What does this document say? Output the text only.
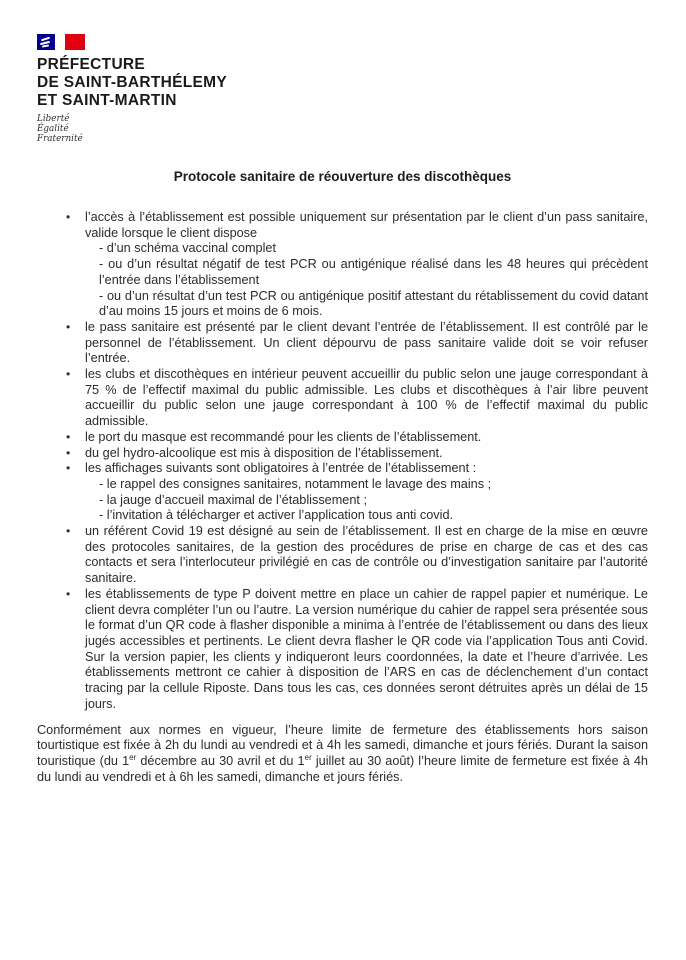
PRÉFECTURE
DE SAINT-BARTHÉLEMY
ET SAINT-MARTIN
Liberté
Égalité
Fraternité
Protocole sanitaire de réouverture des discothèques
•	l’accès à l’établissement est possible uniquement sur présentation par le client d’un pass sanitaire, valide lorsque le client dispose
- d’un schéma vaccinal complet
- ou d’un résultat négatif de test PCR ou antigénique réalisé dans les 48 heures qui précèdent l’entrée dans l’établissement
- ou d’un résultat d’un test PCR ou antigénique positif attestant du rétablissement du covid datant d’au moins 15 jours et moins de 6 mois.
•	le pass sanitaire est présenté par le client devant l’entrée de l’établissement. Il est contrôlé par le personnel de l’établissement. Un client dépourvu de pass sanitaire valide doit se voir refuser l’entrée.
•	les clubs et discothèques en intérieur peuvent accueillir du public selon une jauge correspondant à 75 % de l’effectif maximal du public admissible. Les clubs et discothèques à l’air libre peuvent accueillir du public selon une jauge correspondant à 100 % de l’effectif maximal du public admissible.
•	le port du masque est recommandé pour les clients de l’établissement.
•	du gel hydro-alcoolique est mis à disposition de l’établissement.
•	les affichages suivants sont obligatoires à l’entrée de l’établissement :
- le rappel des consignes sanitaires, notamment le lavage des mains ;
- la jauge d’accueil maximal de l’établissement ;
- l’invitation à télécharger et activer l’application tous anti covid.
•	un référent Covid 19 est désigné au sein de l’établissement. Il est en charge de la mise en œuvre des protocoles sanitaires, de la gestion des procédures de prise en charge de cas et des cas contacts et sera l’interlocuteur privilégié en cas de contrôle ou d’investigation sanitaire par l’autorité sanitaire.
•	les établissements de type P doivent mettre en place un cahier de rappel papier et numérique. Le client devra compléter l’un ou l’autre. La version numérique du cahier de rappel sera présentée sous le format d’un QR code à flasher disponible a minima à l’entrée de l’établissement ou dans des lieux jugés accessibles et pertinents. Le client devra flasher le QR code via l’application Tous anti Covid. Sur la version papier, les clients y indiqueront leurs coordonnées, la date et l’heure d’arrivée. Les établissements mettront ce cahier à disposition de l’ARS en cas de déclenchement d’un contact tracing par la cellule Riposte. Dans tous les cas, ces données seront détruites après un délai de 15 jours.

Conformément aux normes en vigueur, l’heure limite de fermeture des établissements hors saison tourtistique est fixée à 2h du lundi au vendredi et à 4h les samedi, dimanche et jours fériés. Durant la saison touristique (du 1er décembre au 30 avril et du 1er juillet au 30 août) l’heure limite de fermeture est fixée à 4h du lundi au vendredi et à 6h les samedi, dimanche et jours fériés.
